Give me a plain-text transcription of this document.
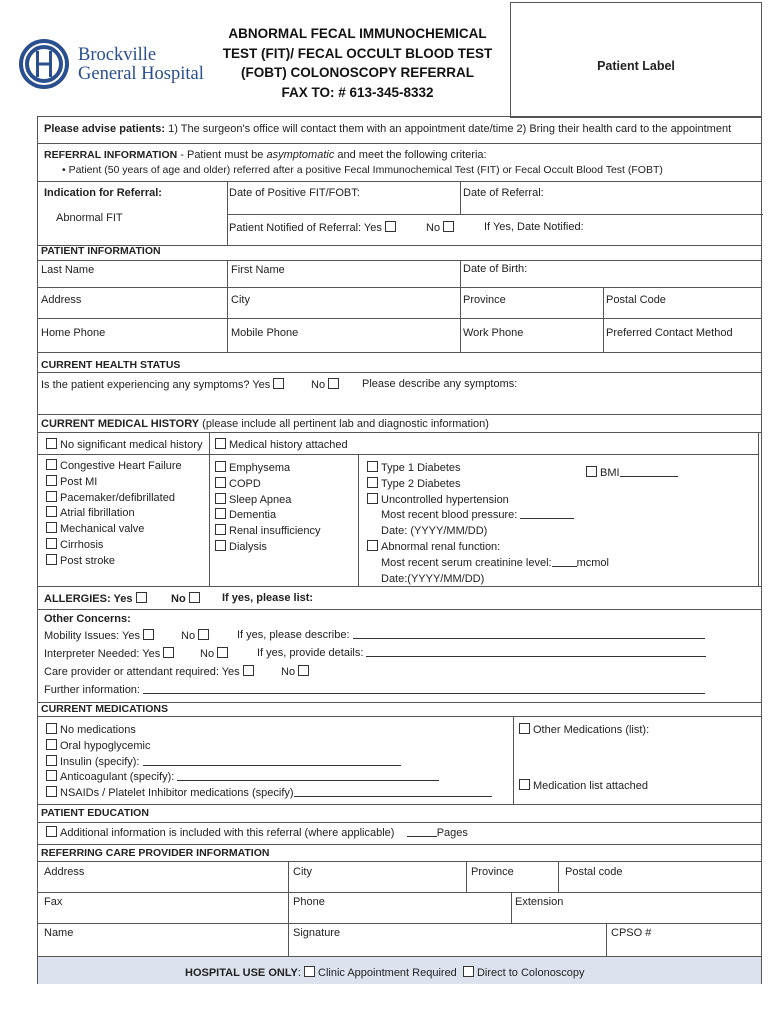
Brockville
General Hospital
ABNORMAL FECAL IMMUNOCHEMICAL
TEST (FIT)/ FECAL OCCULT BLOOD TEST
(FOBT) COLONOSCOPY REFERRAL
FAX TO: # 613-345-8332
Patient Label
Please advise patients: 1) The surgeon's office will contact them with an appointment date/time 2) Bring their health card to the appointment
REFERRAL INFORMATION - Patient must be asymptomatic and meet the following criteria:
• Patient (50 years of age and older) referred after a positive Fecal Immunochemical Test (FIT) or Fecal Occult Blood Test (FOBT)
Indication for Referral:
Abnormal FIT
Date of Positive FIT/FOBT:	Date of Referral:
Patient Notified of Referral: Yes	No	If Yes, Date Notified:
PATIENT INFORMATION
Last Name	First Name	Date of Birth:
Address	City	Province	Postal Code
Home Phone	Mobile Phone	Work Phone	Preferred Contact Method
CURRENT HEALTH STATUS
Is the patient experiencing any symptoms? Yes	No	Please describe any symptoms:
CURRENT MEDICAL HISTORY (please include all pertinent lab and diagnostic information)
No significant medical history	Medical history attached
Congestive Heart Failure
Post MI
Pacemaker/defibrillated
Atrial fibrillation
Mechanical valve
Cirrhosis
Post stroke
Emphysema
COPD
Sleep Apnea
Dementia
Renal insufficiency
Dialysis
Type 1 Diabetes
Type 2 Diabetes
Uncontrolled hypertension
Most recent blood pressure:
Date: (YYYY/MM/DD)
Abnormal renal function:
Most recent serum creatinine level: mcmol
Date:(YYYY/MM/DD)
BMI
ALLERGIES: Yes	No	If yes, please list:
Other Concerns:
Mobility Issues: Yes	No	If yes, please describe:
Interpreter Needed: Yes	No	If yes, provide details:
Care provider or attendant required: Yes	No
Further information:
CURRENT MEDICATIONS
No medications
Oral hypoglycemic
Insulin (specify):
Anticoagulant (specify):
NSAIDs / Platelet Inhibitor medications (specify)
Other Medications (list):
Medication list attached
PATIENT EDUCATION
Additional information is included with this referral (where applicable)	Pages
REFERRING CARE PROVIDER INFORMATION
Address	City	Province	Postal code
Fax	Phone	Extension
Name	Signature	CPSO #
HOSPITAL USE ONLY: Clinic Appointment Required Direct to Colonoscopy
